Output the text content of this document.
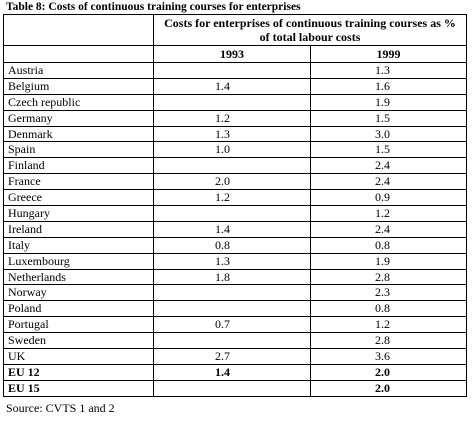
Table 8: Costs of continuous training courses for enterprises
	Costs for enterprises of continuous training courses as % of total labour costs	
	1993	1999
Austria		1.3
Belgium	1.4	1.6
Czech republic		1.9
Germany	1.2	1.5
Denmark	1.3	3.0
Spain	1.0	1.5
Finland		2.4
France	2.0	2.4
Greece	1.2	0.9
Hungary		1.2
Ireland	1.4	2.4
Italy	0.8	0.8
Luxembourg	1.3	1.9
Netherlands	1.8	2.8
Norway		2.3
Poland		0.8
Portugal	0.7	1.2
Sweden		2.8
UK	2.7	3.6
EU 12	1.4	2.0
EU 15		2.0
Source: CVTS 1 and 2
